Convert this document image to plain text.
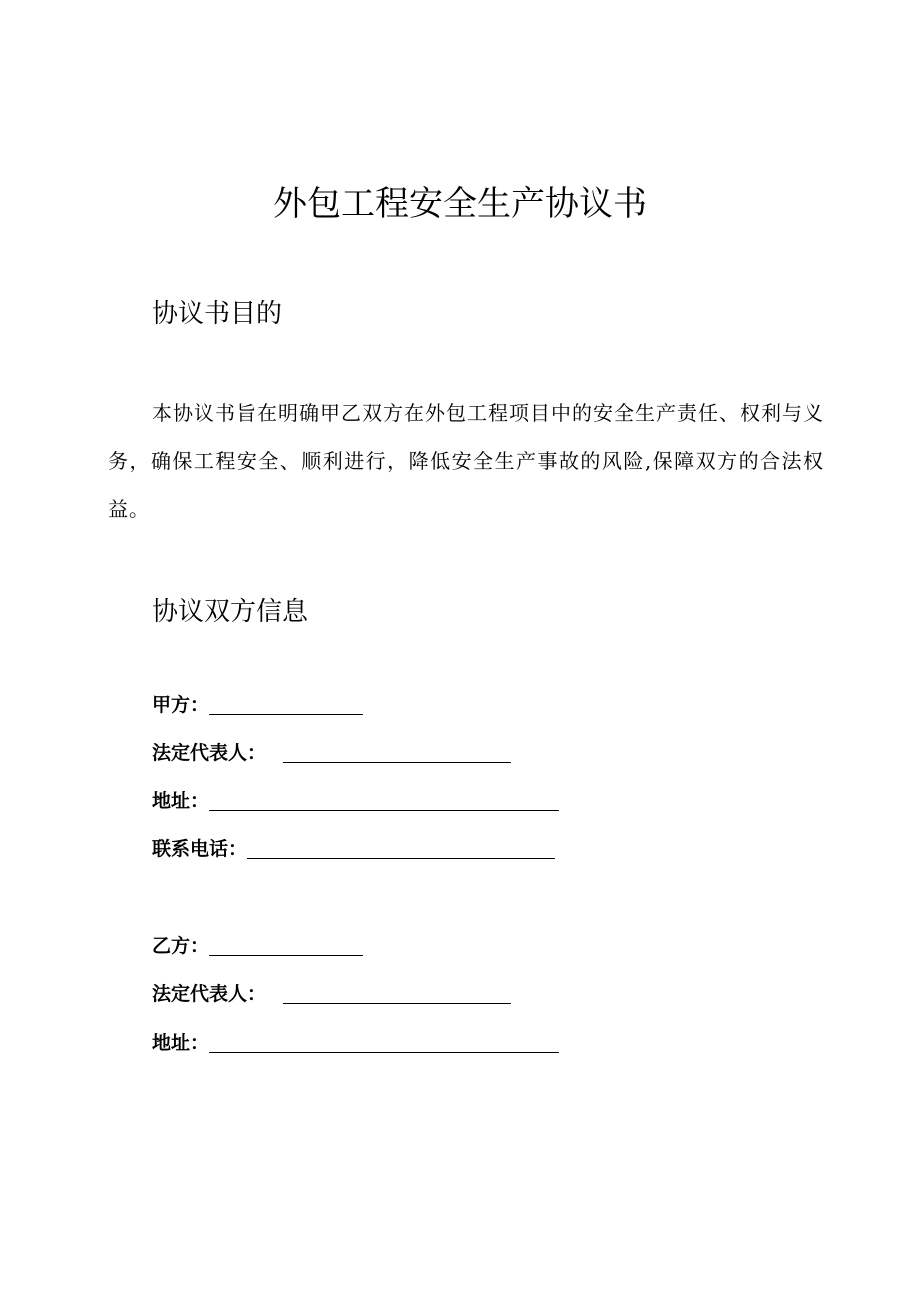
外包工程安全生产协议书
协议书目的

本协议书旨在明确甲乙双方在外包工程项目中的安全生产责任、权利与义务，确保工程安全、顺利进行，降低安全生产事故的风险,保障双方的合法权益。

协议双方信息
甲方：
法定代表人：
地址：
联系电话：
乙方：
法定代表人：
地址：
